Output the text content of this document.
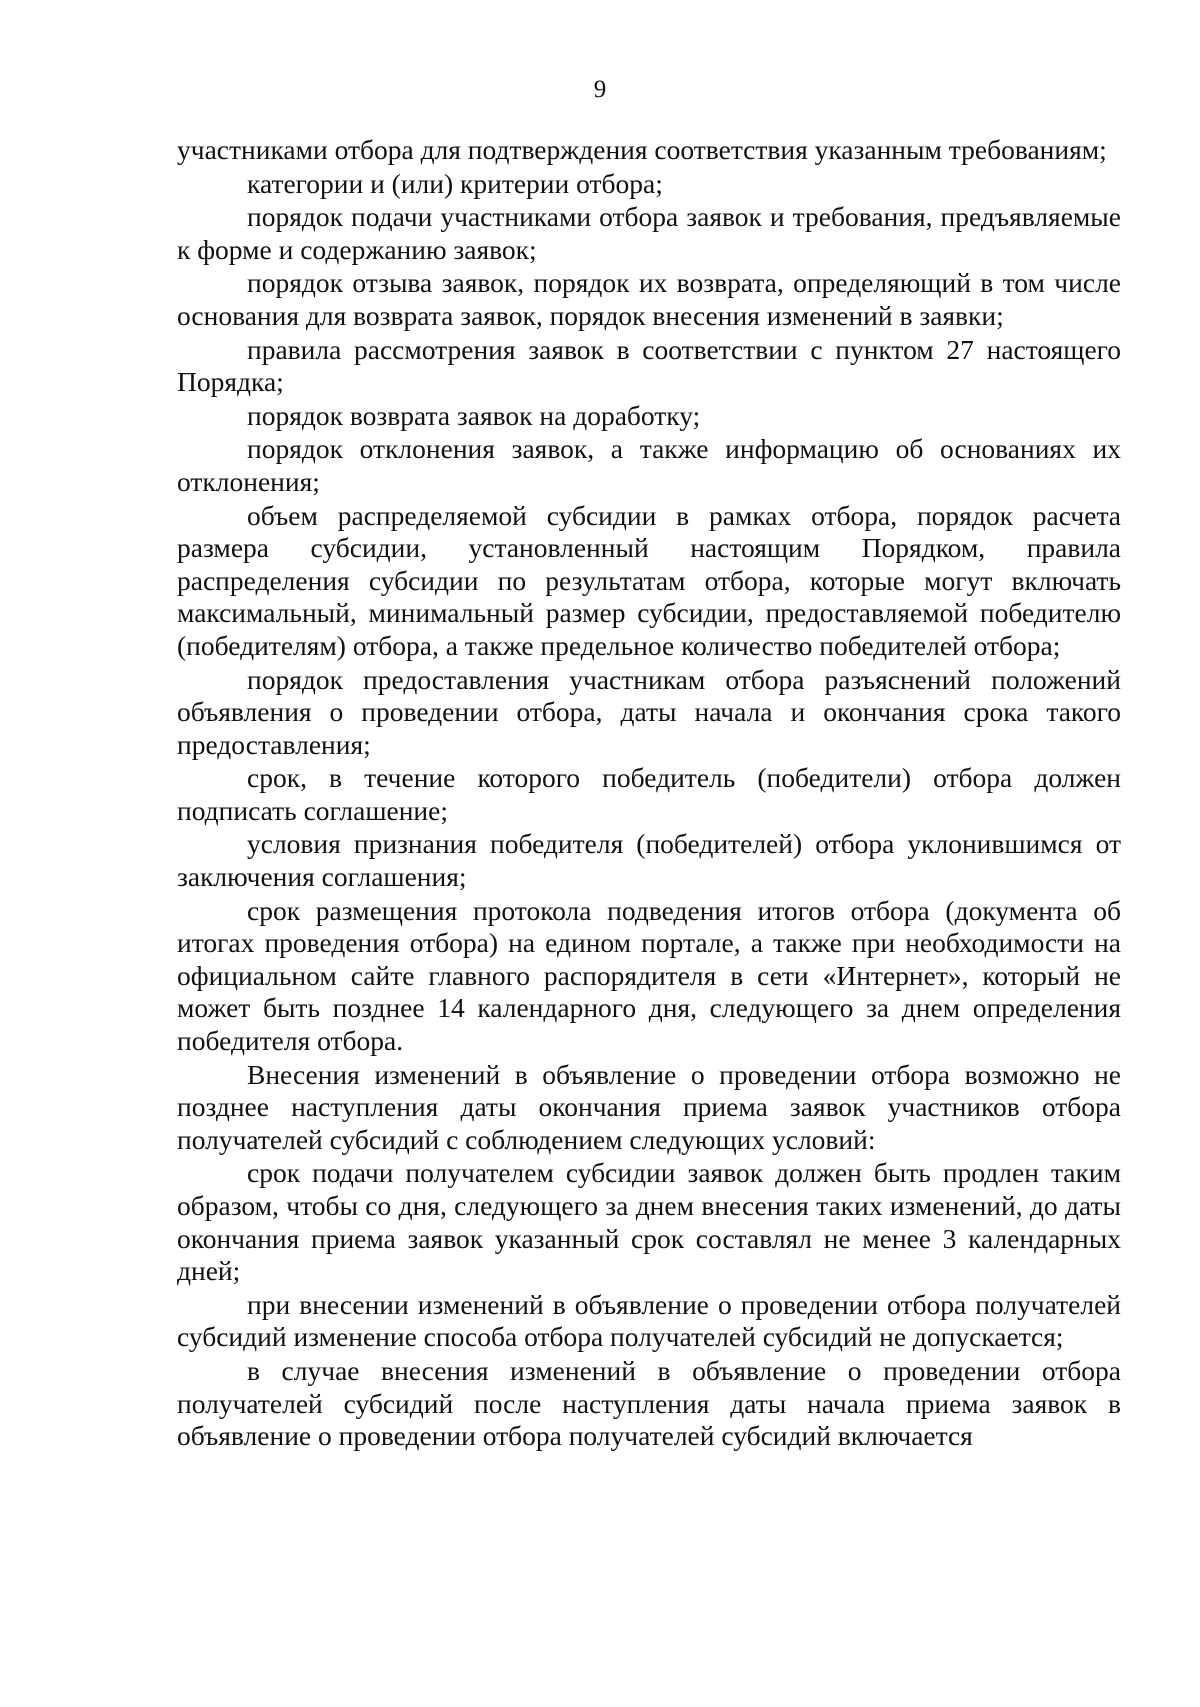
9

участниками отбора для подтверждения соответствия указанным требованиям;

категории и (или) критерии отбора;

порядок подачи участниками отбора заявок и требования, предъявляемые к форме и содержанию заявок;

порядок отзыва заявок, порядок их возврата, определяющий в том числе основания для возврата заявок, порядок внесения изменений в заявки;

правила рассмотрения заявок в соответствии с пунктом 27 настоящего Порядка;

порядок возврата заявок на доработку;

порядок отклонения заявок, а также информацию об основаниях их отклонения;

объем распределяемой субсидии в рамках отбора, порядок расчета размера субсидии, установленный настоящим Порядком, правила распределения субсидии по результатам отбора, которые могут включать максимальный, минимальный размер субсидии, предоставляемой победителю (победителям) отбора, а также предельное количество победителей отбора;

порядок предоставления участникам отбора разъяснений положений объявления о проведении отбора, даты начала и окончания срока такого предоставления;

срок, в течение которого победитель (победители) отбора должен подписать соглашение;

условия признания победителя (победителей) отбора уклонившимся от заключения соглашения;

срок размещения протокола подведения итогов отбора (документа об итогах проведения отбора) на едином портале, а также при необходимости на официальном сайте главного распорядителя в сети «Интернет», который не может быть позднее 14 календарного дня, следующего за днем определения победителя отбора.

Внесения изменений в объявление о проведении отбора возможно не позднее наступления даты окончания приема заявок участников отбора получателей субсидий с соблюдением следующих условий:

срок подачи получателем субсидии заявок должен быть продлен таким образом, чтобы со дня, следующего за днем внесения таких изменений, до даты окончания приема заявок указанный срок составлял не менее 3 календарных дней;

при внесении изменений в объявление о проведении отбора получателей субсидий изменение способа отбора получателей субсидий не допускается;

в случае внесения изменений в объявление о проведении отбора получателей субсидий после наступления даты начала приема заявок в объявление о проведении отбора получателей субсидий включается
